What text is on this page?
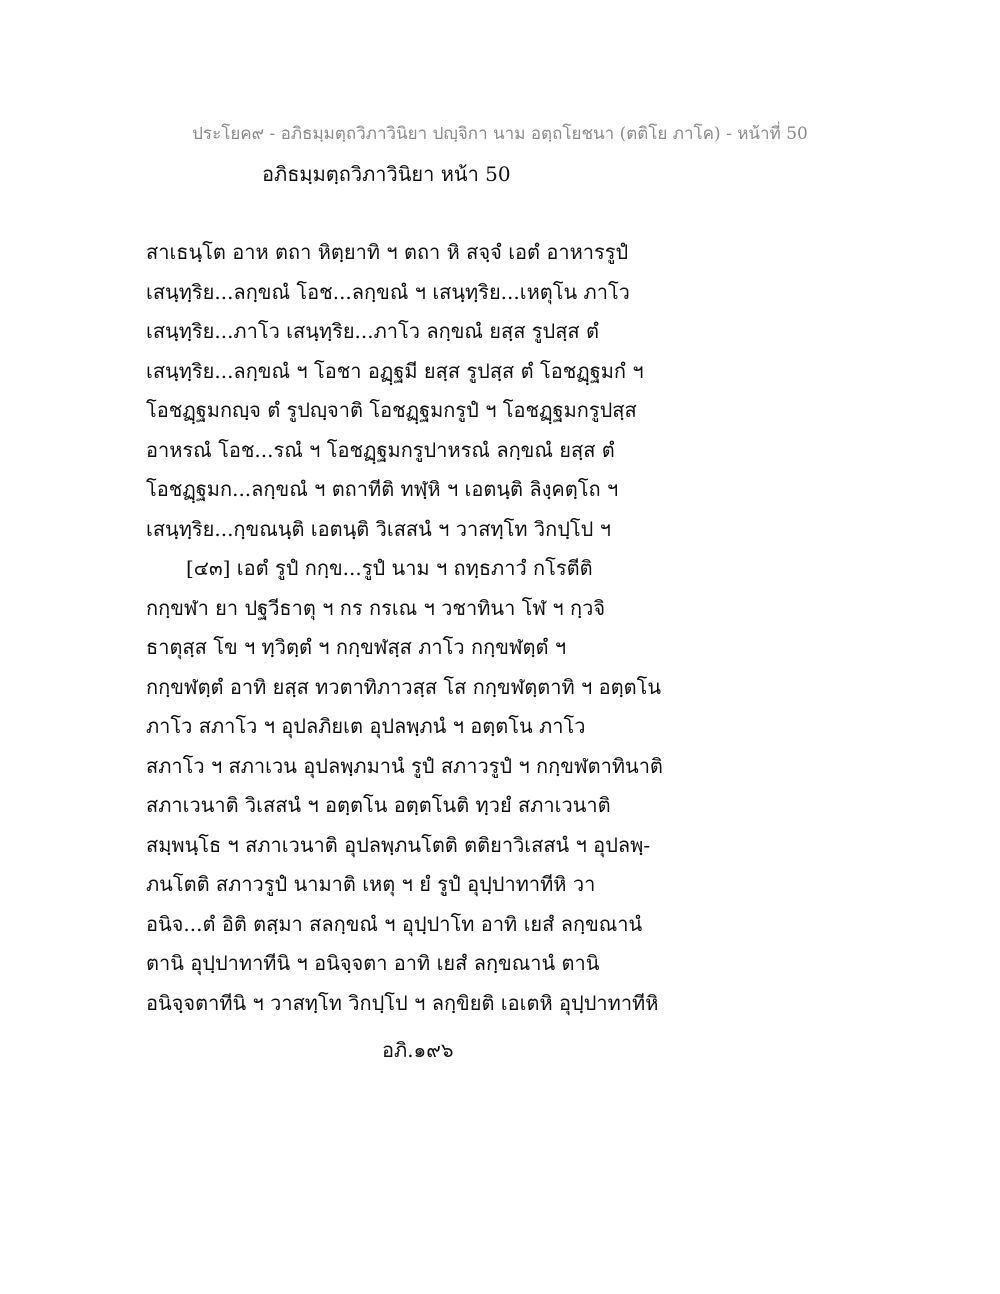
ประโยค๙ - อภิธมฺมตฺถวิภาวินิยา ปญฺจิกา นาม อตฺถโยชนา (ตติโย ภาโค) - หน้าที่ 50
อภิธมฺมตฺถวิภาวินิยา หน้า 50
สาเธนฺโต อาห ตถา หิตฺยาทิ ฯ ตถา หิ สจฺจํ เอตํ อาหารรูปํ
เสนฺทฺริย...ลกฺขณํ โอช...ลกฺขณํ ฯ เสนฺทฺริย...เหตุโน ภาโว
เสนฺทฺริย...ภาโว เสนฺทฺริย...ภาโว ลกฺขณํ ยสฺส รูปสฺส ตํ
เสนฺทฺริย...ลกฺขณํ ฯ โอชา อฏฺฐมี ยสฺส รูปสฺส ตํ โอชฏฺฐมกํ ฯ
โอชฏฺฐมกญฺจ ตํ รูปญฺจาติ โอชฏฺฐมกรูปํ ฯ โอชฏฺฐมกรูปสฺส
อาหรณํ โอช...รณํ ฯ โอชฏฺฐมกรูปาหรณํ ลกฺขณํ ยสฺส ตํ
โอชฏฺฐมก...ลกฺขณํ ฯ ตถาทีติ ทฬฺหิ ฯ เอตนฺติ ลิงฺคตฺโถ ฯ
เสนฺทฺริย...กฺขณนฺติ เอตนฺติ วิเสสนํ ฯ วาสทฺโท วิกปฺโป ฯ
[๔๓] เอตํ รูปํ กกฺข...รูปํ นาม ฯ ถทฺธภาวํ กโรตีติ
กกฺขฬา ยา ปฐวีธาตุ ฯ กร กรเณ ฯ วชาทินา โฬ ฯ กฺวจิ
ธาตุสฺส โข ฯ ทฺวิตฺตํ ฯ กกฺขฬสฺส ภาโว กกฺขฬตฺตํ ฯ
กกฺขฬตฺตํ อาทิ ยสฺส ทวตาทิภาวสฺส โส กกฺขฬตฺตาทิ ฯ อตฺตโน
ภาโว สภาโว ฯ อุปลภิยเต อุปลพฺภนํ ฯ อตฺตโน ภาโว
สภาโว ฯ สภาเวน อุปลพฺภมานํ รูปํ สภาวรูปํ ฯ กกฺขฬตาทินาติ
สภาเวนาติ วิเสสนํ ฯ อตฺตโน อตฺตโนติ ทฺวยํ สภาเวนาติ
สมฺพนฺโธ ฯ สภาเวนาติ อุปลพฺภนโตติ ตติยาวิเสสนํ ฯ อุปลพฺ-
ภนโตติ สภาวรูปํ นามาติ เหตุ ฯ ยํ รูปํ อุปฺปาทาทีหิ วา
อนิจ...ตํ อิติ ตสฺมา สลกฺขณํ ฯ อุปฺปาโท อาทิ เยสํ ลกฺขณานํ
ตานิ อุปฺปาทาทีนิ ฯ อนิจฺจตา อาทิ เยสํ ลกฺขณานํ ตานิ
อนิจฺจตาทีนิ ฯ วาสทฺโท วิกปฺโป ฯ ลกฺขิยติ เอเตหิ อุปฺปาทาทีหิ
อภิ.๑๙๖
